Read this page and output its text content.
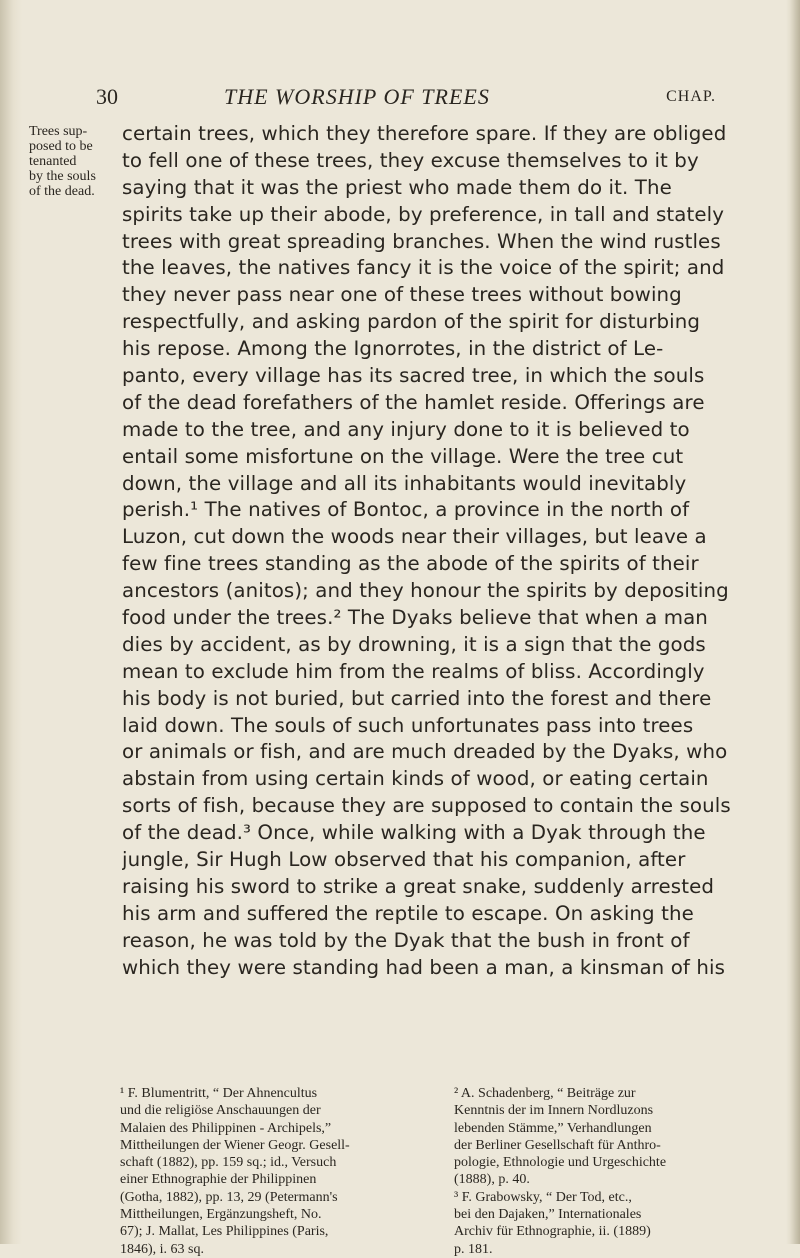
30	THE WORSHIP OF TREES	CHAP.
Trees sup-
posed to be
tenanted
by the souls
of the dead.
certain trees, which they therefore spare. If they are obliged
to fell one of these trees, they excuse themselves to it by
saying that it was the priest who made them do it. The
spirits take up their abode, by preference, in tall and stately
trees with great spreading branches. When the wind rustles
the leaves, the natives fancy it is the voice of the spirit; and
they never pass near one of these trees without bowing
respectfully, and asking pardon of the spirit for disturbing
his repose. Among the Ignorrotes, in the district of Le-
panto, every village has its sacred tree, in which the souls
of the dead forefathers of the hamlet reside. Offerings are
made to the tree, and any injury done to it is believed to
entail some misfortune on the village. Were the tree cut
down, the village and all its inhabitants would inevitably
perish.¹ The natives of Bontoc, a province in the north of
Luzon, cut down the woods near their villages, but leave a
few fine trees standing as the abode of the spirits of their
ancestors (anitos); and they honour the spirits by depositing
food under the trees.² The Dyaks believe that when a man
dies by accident, as by drowning, it is a sign that the gods
mean to exclude him from the realms of bliss. Accordingly
his body is not buried, but carried into the forest and there
laid down. The souls of such unfortunates pass into trees
or animals or fish, and are much dreaded by the Dyaks, who
abstain from using certain kinds of wood, or eating certain
sorts of fish, because they are supposed to contain the souls
of the dead.³ Once, while walking with a Dyak through the
jungle, Sir Hugh Low observed that his companion, after
raising his sword to strike a great snake, suddenly arrested
his arm and suffered the reptile to escape. On asking the
reason, he was told by the Dyak that the bush in front of
which they were standing had been a man, a kinsman of his
¹ F. Blumentritt, “ Der Ahnencultus
und die religiöse Anschauungen der
Malaien des Philippinen - Archipels,”
Mittheilungen der Wiener Geogr. Gesell-
schaft (1882), pp. 159 sq.; id., Versuch
einer Ethnographie der Philippinen
(Gotha, 1882), pp. 13, 29 (Petermann's
Mittheilungen, Ergänzungsheft, No.
67); J. Mallat, Les Philippines (Paris,
1846), i. 63 sq.
² A. Schadenberg, “ Beiträge zur
Kenntnis der im Innern Nordluzons
lebenden Stämme,” Verhandlungen
der Berliner Gesellschaft für Anthro-
pologie, Ethnologie und Urgeschichte
(1888), p. 40.
³ F. Grabowsky, “ Der Tod, etc.,
bei den Dajaken,” Internationales
Archiv für Ethnographie, ii. (1889)
p. 181.
